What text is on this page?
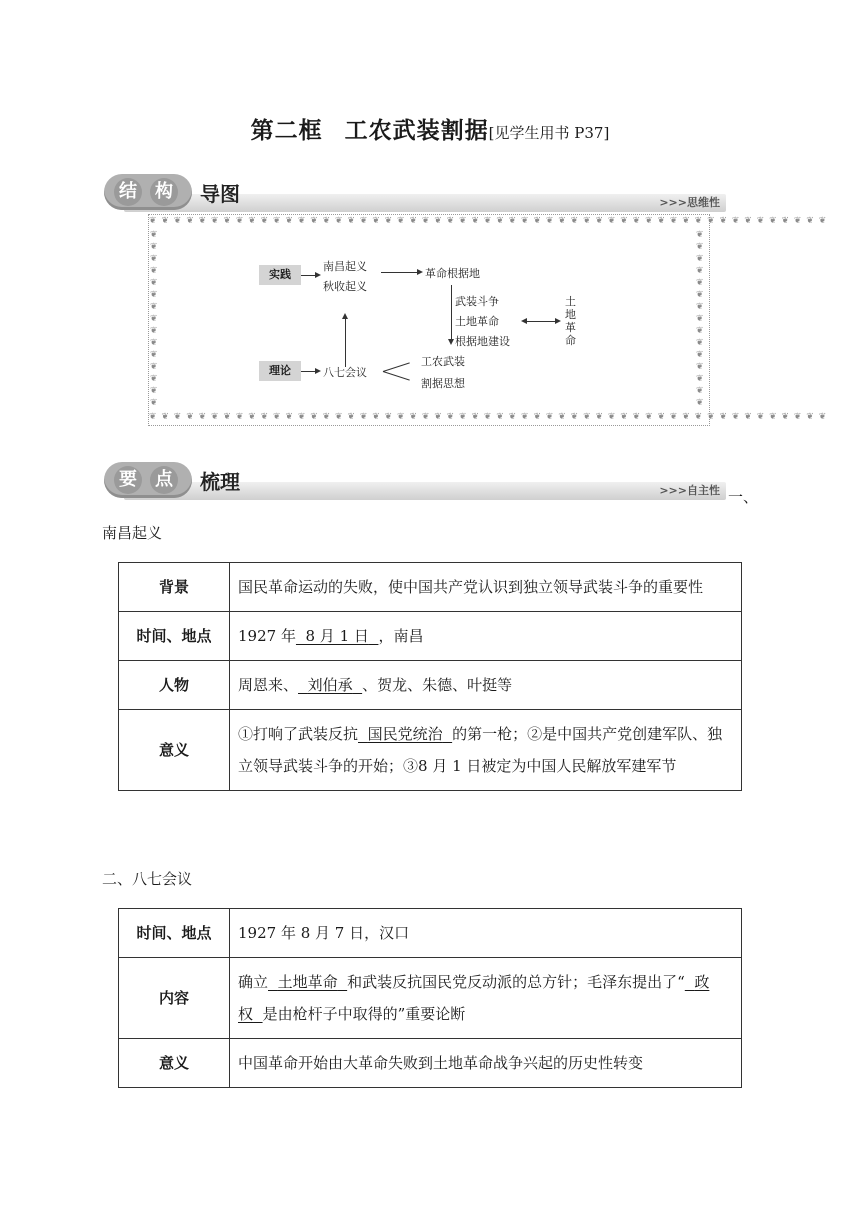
第二框 工农武装割据[见学生用书 P37]
>>>思维性
结 构 导图
❦ ❦ ❦ ❦ ❦ ❦ ❦ ❦ ❦ ❦ ❦ ❦ ❦ ❦ ❦ ❦ ❦ ❦ ❦ ❦ ❦ ❦ ❦ ❦ ❦ ❦ ❦ ❦ ❦ ❦ ❦ ❦ ❦ ❦ ❦ ❦ ❦ ❦ ❦ ❦ ❦ ❦ ❦ ❦ ❦ ❦ ❦ ❦ ❦ ❦ ❦ ❦ ❦ ❦ ❦
❦ ❦ ❦ ❦ ❦ ❦ ❦ ❦ ❦ ❦ ❦ ❦ ❦ ❦ ❦ ❦ ❦ ❦ ❦ ❦ ❦ ❦ ❦ ❦ ❦ ❦ ❦ ❦ ❦ ❦ ❦ ❦ ❦ ❦ ❦ ❦ ❦ ❦ ❦ ❦ ❦ ❦ ❦ ❦ ❦ ❦ ❦ ❦ ❦ ❦ ❦ ❦ ❦ ❦ ❦
❦❦❦❦❦❦❦❦❦❦❦❦❦❦❦
❦❦❦❦❦❦❦❦❦❦❦❦❦❦❦
实践
南昌起义
秋收起义
革命根据地
武装斗争
土地革命
根据地建设
土地革命
理论	八七会议
工农武装
割据思想
>>>自主性
要 点 梳理
一、
南昌起义
背景	国民革命运动的失败，使中国共产党认识到独立领导武装斗争的重要性
时间、地点	1927 年 8 月 1 日 ，南昌
人物	周恩来、 刘伯承 、贺龙、朱德、叶挺等
意义	①打响了武装反抗 国民党统治 的第一枪；②是中国共产党创建军队、独立领导武装斗争的开始；③8 月 1 日被定为中国人民解放军建军节
二、八七会议
时间、地点	1927 年 8 月 7 日，汉口
内容	确立 土地革命 和武装反抗国民党反动派的总方针；毛泽东提出了“ 政权 是由枪杆子中取得的”重要论断
意义	中国革命开始由大革命失败到土地革命战争兴起的历史性转变
